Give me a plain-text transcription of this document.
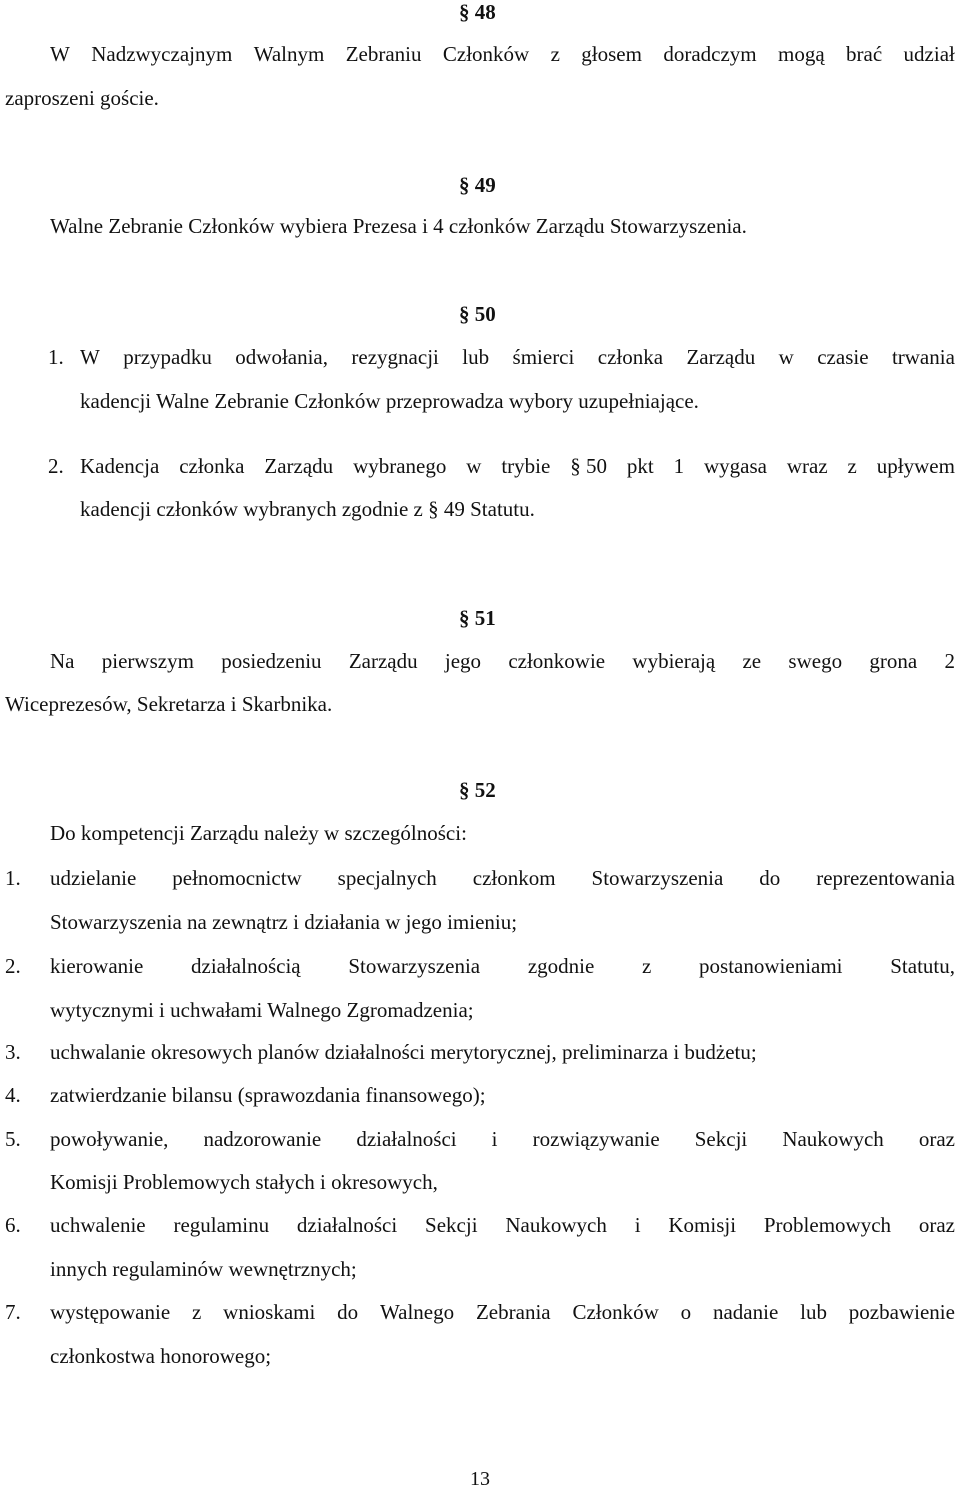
§ 48
W Nadzwyczajnym Walnym Zebraniu Członków z głosem doradczym mogą brać udział
zaproszeni goście.
§ 49
Walne Zebranie Członków wybiera Prezesa i 4 członków Zarządu Stowarzyszenia.
§ 50
1. W przypadku odwołania, rezygnacji lub śmierci członka Zarządu w czasie trwania
kadencji Walne Zebranie Członków przeprowadza wybory uzupełniające.
2. Kadencja członka Zarządu wybranego w trybie § 50 pkt 1 wygasa wraz z upływem
kadencji członków wybranych zgodnie z § 49 Statutu.
§ 51
Na pierwszym posiedzeniu Zarządu jego członkowie wybierają ze swego grona 2
Wiceprezesów, Sekretarza i Skarbnika.
§ 52
Do kompetencji Zarządu należy w szczególności:
1. udzielanie pełnomocnictw specjalnych członkom Stowarzyszenia do reprezentowania
Stowarzyszenia na zewnątrz i działania w jego imieniu;
2. kierowanie działalnością Stowarzyszenia zgodnie z postanowieniami Statutu,
wytycznymi i uchwałami Walnego Zgromadzenia;
3. uchwalanie okresowych planów działalności merytorycznej, preliminarza i budżetu;
4. zatwierdzanie bilansu (sprawozdania finansowego);
5. powoływanie, nadzorowanie działalności i rozwiązywanie Sekcji Naukowych oraz
Komisji Problemowych stałych i okresowych,
6. uchwalenie regulaminu działalności Sekcji Naukowych i Komisji Problemowych oraz
innych regulaminów wewnętrznych;
7. występowanie z wnioskami do Walnego Zebrania Członków o nadanie lub pozbawienie
członkostwa honorowego;
13
